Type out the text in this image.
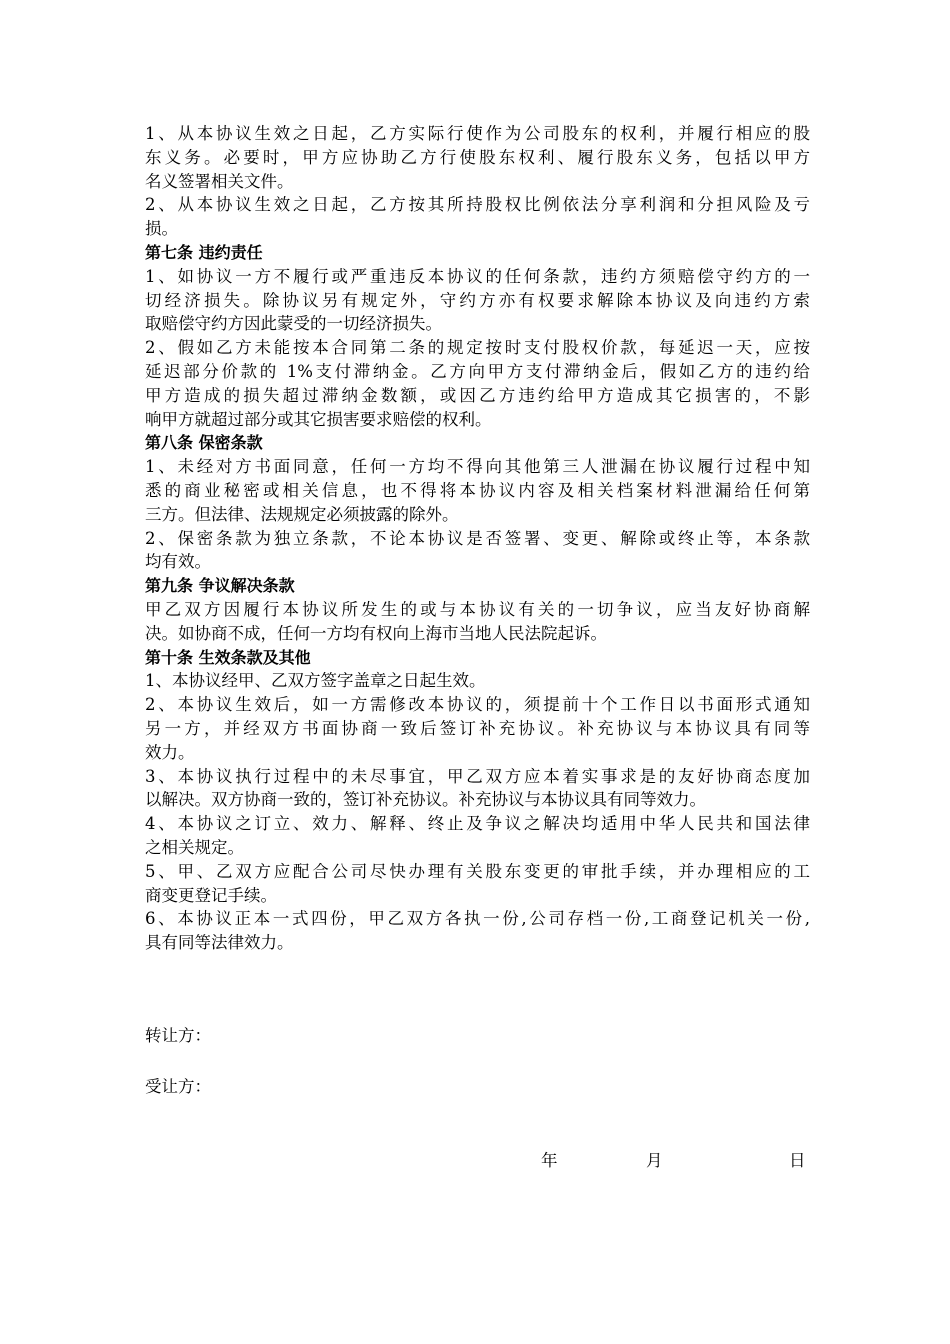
1、从本协议生效之日起，乙方实际行使作为公司股东的权利，并履行相应的股
东义务。必要时，甲方应协助乙方行使股东权利、履行股东义务，包括以甲方
名义签署相关文件。
2、从本协议生效之日起，乙方按其所持股权比例依法分享利润和分担风险及亏
损。
第七条 违约责任
1、如协议一方不履行或严重违反本协议的任何条款，违约方须赔偿守约方的一
切经济损失。除协议另有规定外，守约方亦有权要求解除本协议及向违约方索
取赔偿守约方因此蒙受的一切经济损失。
2、假如乙方未能按本合同第二条的规定按时支付股权价款，每延迟一天，应按
延迟部分价款的 1%支付滞纳金。乙方向甲方支付滞纳金后，假如乙方的违约给
甲方造成的损失超过滞纳金数额，或因乙方违约给甲方造成其它损害的，不影
响甲方就超过部分或其它损害要求赔偿的权利。
第八条 保密条款
1、未经对方书面同意，任何一方均不得向其他第三人泄漏在协议履行过程中知
悉的商业秘密或相关信息，也不得将本协议内容及相关档案材料泄漏给任何第
三方。但法律、法规规定必须披露的除外。
2、保密条款为独立条款，不论本协议是否签署、变更、解除或终止等，本条款
均有效。
第九条 争议解决条款
甲乙双方因履行本协议所发生的或与本协议有关的一切争议，应当友好协商解
决。如协商不成，任何一方均有权向上海市当地人民法院起诉。
第十条 生效条款及其他
1、本协议经甲、乙双方签字盖章之日起生效。
2、本协议生效后，如一方需修改本协议的，须提前十个工作日以书面形式通知
另一方，并经双方书面协商一致后签订补充协议。补充协议与本协议具有同等
效力。
3、本协议执行过程中的未尽事宜，甲乙双方应本着实事求是的友好协商态度加
以解决。双方协商一致的，签订补充协议。补充协议与本协议具有同等效力。
4、本协议之订立、效力、解释、终止及争议之解决均适用中华人民共和国法律
之相关规定。
5、甲、乙双方应配合公司尽快办理有关股东变更的审批手续，并办理相应的工
商变更登记手续。
6、本协议正本一式四份，甲乙双方各执一份,公司存档一份,工商登记机关一份,
具有同等法律效力。
转让方：
受让方：
年	月	日
